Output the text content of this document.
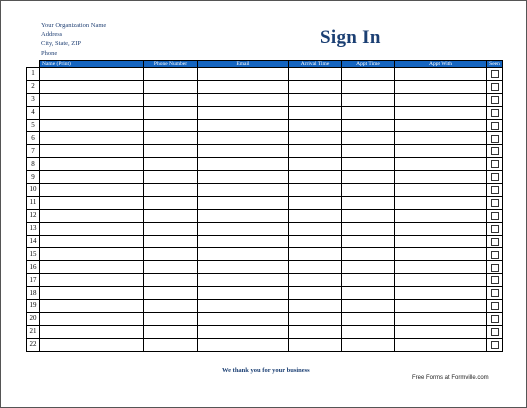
Your Organization Name
Address
City, State, ZIP
Phone
Sign In
	Name (Print)	Phone Number	Email	Arrival Time	Appt Time	Appt With	Seen
1							
2							
3							
4							
5							
6							
7							
8							
9							
10							
11							
12							
13							
14							
15							
16							
17							
18							
19							
20							
21							
22							
We thank you for your business
Free Forms at Formville.com
